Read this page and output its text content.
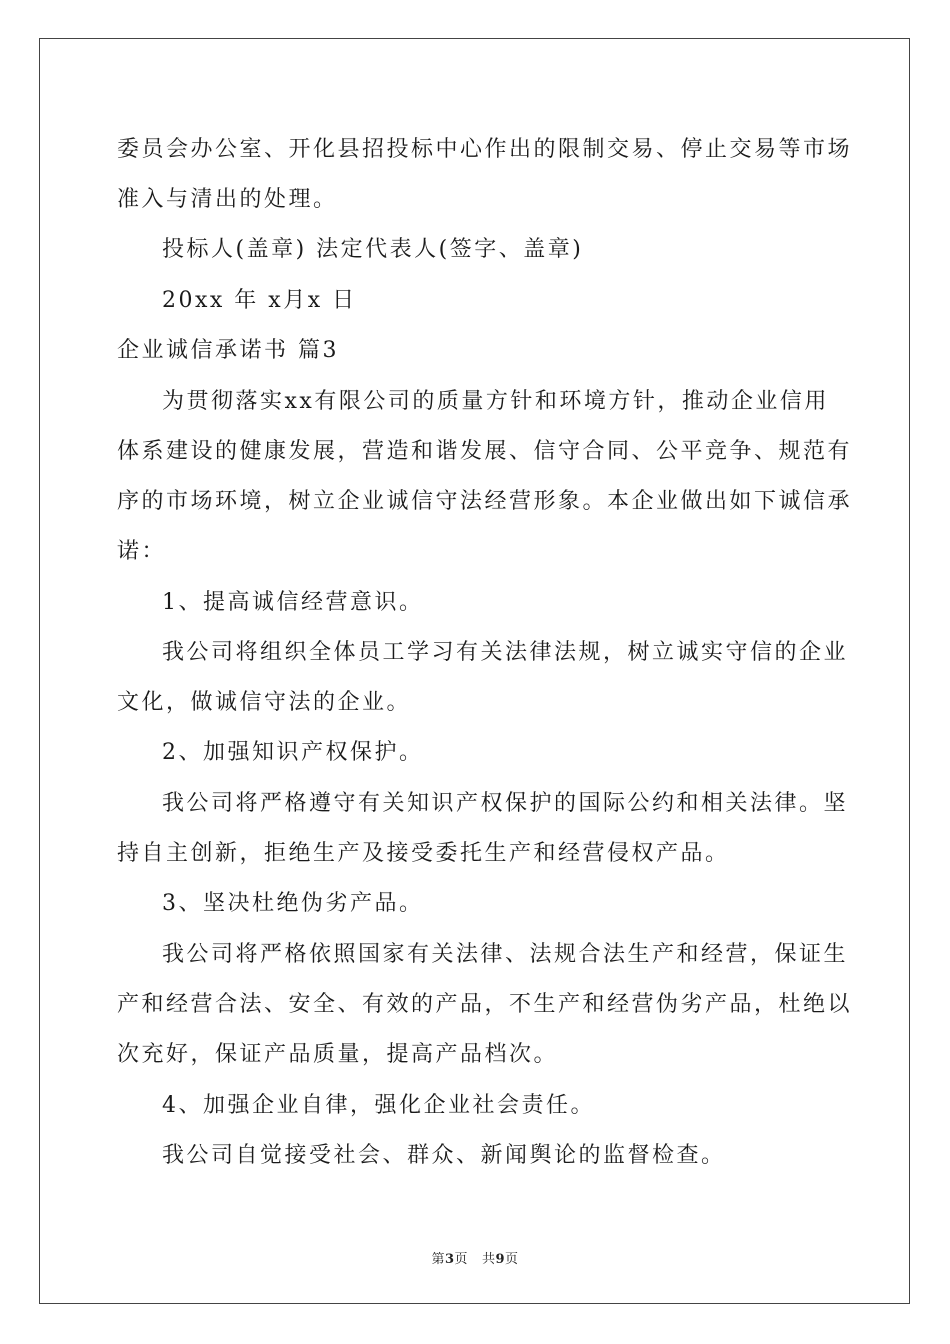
委员会办公室、开化县招投标中心作出的限制交易、停止交易等市场
准入与清出的处理。
投标人(盖章) 法定代表人(签字、盖章)
20xx 年 x月x 日
企业诚信承诺书 篇3
为贯彻落实xx有限公司的质量方针和环境方针，推动企业信用
体系建设的健康发展，营造和谐发展、信守合同、公平竞争、规范有
序的市场环境，树立企业诚信守法经营形象。本企业做出如下诚信承
诺：
1、提高诚信经营意识。
我公司将组织全体员工学习有关法律法规，树立诚实守信的企业
文化，做诚信守法的企业。
2、加强知识产权保护。
我公司将严格遵守有关知识产权保护的国际公约和相关法律。坚
持自主创新，拒绝生产及接受委托生产和经营侵权产品。
3、坚决杜绝伪劣产品。
我公司将严格依照国家有关法律、法规合法生产和经营，保证生
产和经营合法、安全、有效的产品，不生产和经营伪劣产品，杜绝以
次充好，保证产品质量，提高产品档次。
4、加强企业自律，强化企业社会责任。
我公司自觉接受社会、群众、新闻舆论的监督检查。
第3页 共9页
